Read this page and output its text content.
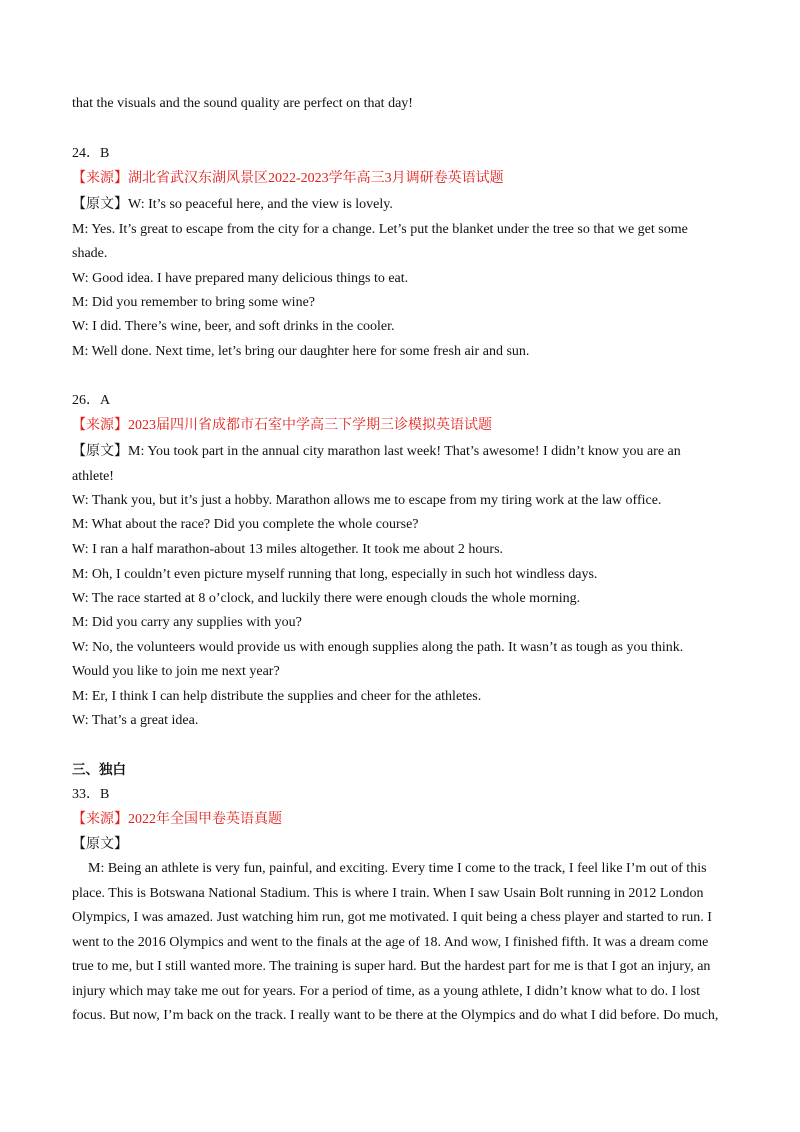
that the visuals and the sound quality are perfect on that day!
24．B
【来源】湖北省武汉东湖风景区2022-2023学年高三3月调研卷英语试题
【原文】W: It’s so peaceful here, and the view is lovely.
M: Yes. It’s great to escape from the city for a change. Let’s put the blanket under the tree so that we get some
shade.
W: Good idea. I have prepared many delicious things to eat.
M: Did you remember to bring some wine?
W: I did. There’s wine, beer, and soft drinks in the cooler.
M: Well done. Next time, let’s bring our daughter here for some fresh air and sun.
26．A
【来源】2023届四川省成都市石室中学高三下学期三诊模拟英语试题
【原文】M: You took part in the annual city marathon last week! That’s awesome! I didn’t know you are an
athlete!
W: Thank you, but it’s just a hobby. Marathon allows me to escape from my tiring work at the law office.
M: What about the race? Did you complete the whole course?
W: I ran a half marathon-about 13 miles altogether. It took me about 2 hours.
M: Oh, I couldn’t even picture myself running that long, especially in such hot windless days.
W: The race started at 8 o’clock, and luckily there were enough clouds the whole morning.
M: Did you carry any supplies with you?
W: No, the volunteers would provide us with enough supplies along the path. It wasn’t as tough as you think.
Would you like to join me next year?
M: Er, I think I can help distribute the supplies and cheer for the athletes.
W: That’s a great idea.
三、独白
33．B
【来源】2022年全国甲卷英语真题
【原文】
M: Being an athlete is very fun, painful, and exciting. Every time I come to the track, I feel like I’m out of this
place. This is Botswana National Stadium. This is where I train. When I saw Usain Bolt running in 2012 London
Olympics, I was amazed. Just watching him run, got me motivated. I quit being a chess player and started to run. I
went to the 2016 Olympics and went to the finals at the age of 18. And wow, I finished fifth. It was a dream come
true to me, but I still wanted more. The training is super hard. But the hardest part for me is that I got an injury, an
injury which may take me out for years. For a period of time, as a young athlete, I didn’t know what to do. I lost
focus. But now, I’m back on the track. I really want to be there at the Olympics and do what I did before. Do much,
